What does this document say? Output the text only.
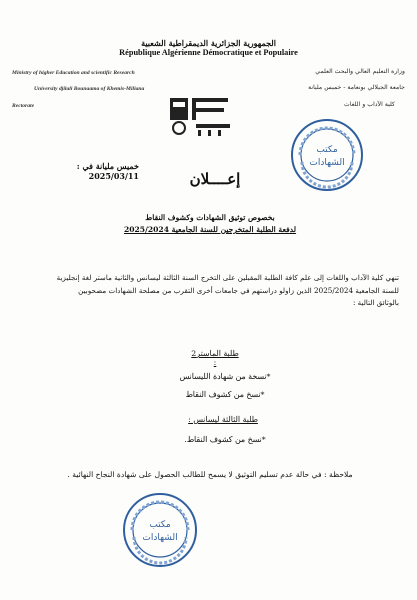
الجمهورية الجزائرية الديمقراطية الشعبية
République Algérienne Démocratique et Populaire
Ministry of higher Education and scientific Research
University djilali Bounaama of Khemis-Miliana
Rectorate
وزارة التعليم العالي والبحث العلمي
جامعة الجيلالي بونعامة - خميس مليانة
كلية الآداب و اللغات
مكتب
الشهادات
خميس مليانة في : 2025/03/11	إعــــلان
بخصوص توثيق الشهادات وكشوف النقاط
لدفعة الطلبة المتخرجين للسنة الجامعية 2025/2024
تنهي كلية الآداب واللغات إلى علم كافة الطلبة المقبلين على التخرج السنة الثالثة ليسانس والثانية ماستر لغة إنجليزية
للسنة الجامعية 2025/2024 الذين زاولو دراستهم في جامعات أخرى التقرب من مصلحة الشهادات مصحوبين
بالوثائق التالية :
طلبة الماستر2 :
*نسخة من شهادة الليسانس
*نسخ من كشوف النقاط
طلبة الثالثة ليسانس :
*نسخ من كشوف النقاط.
ملاحظة : في حالة عدم تسليم التوثيق لا يسمح للطالب الحصول على شهادة النجاح النهائية .
مكتب
الشهادات
